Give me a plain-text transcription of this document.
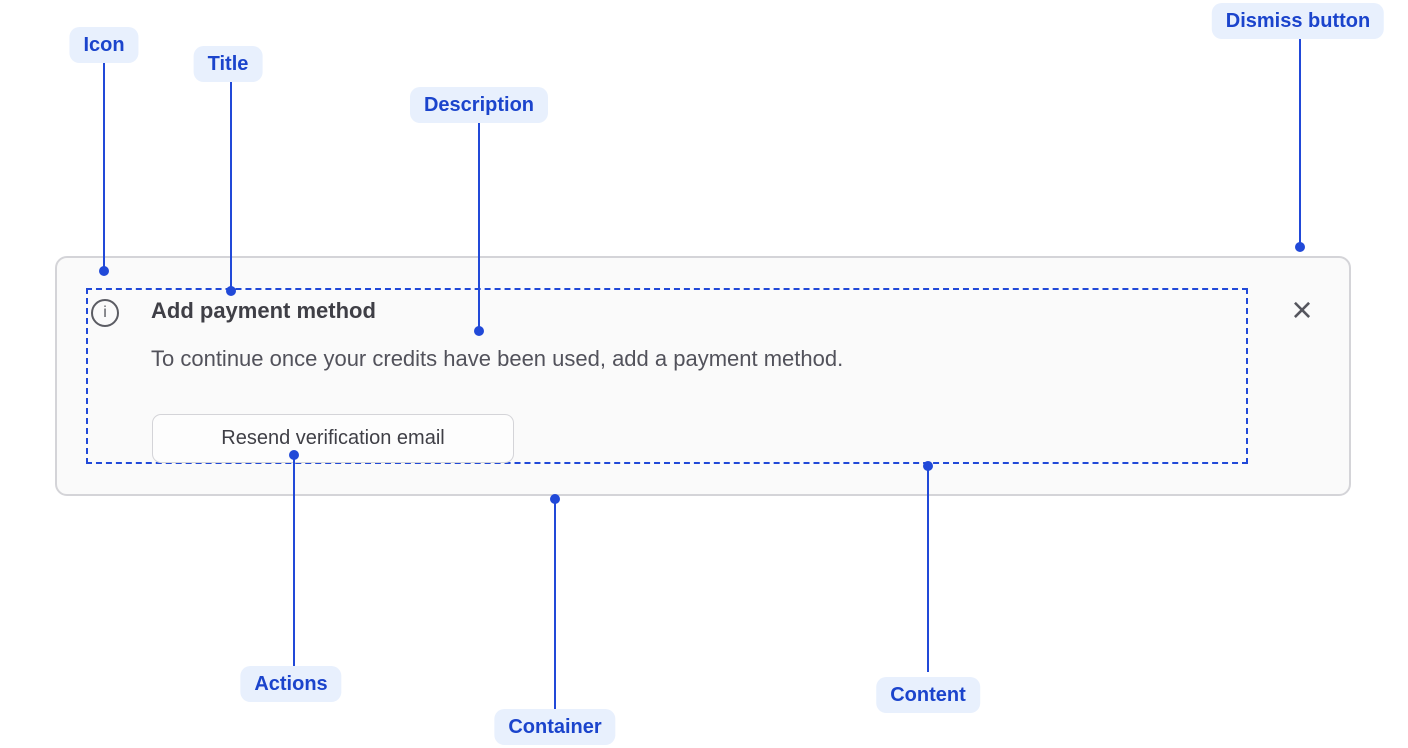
i Add payment method
To continue once your credits have been used, add a payment method.
Resend verification email
×
Icon
Title
Description
Dismiss button
Actions
Container
Content
